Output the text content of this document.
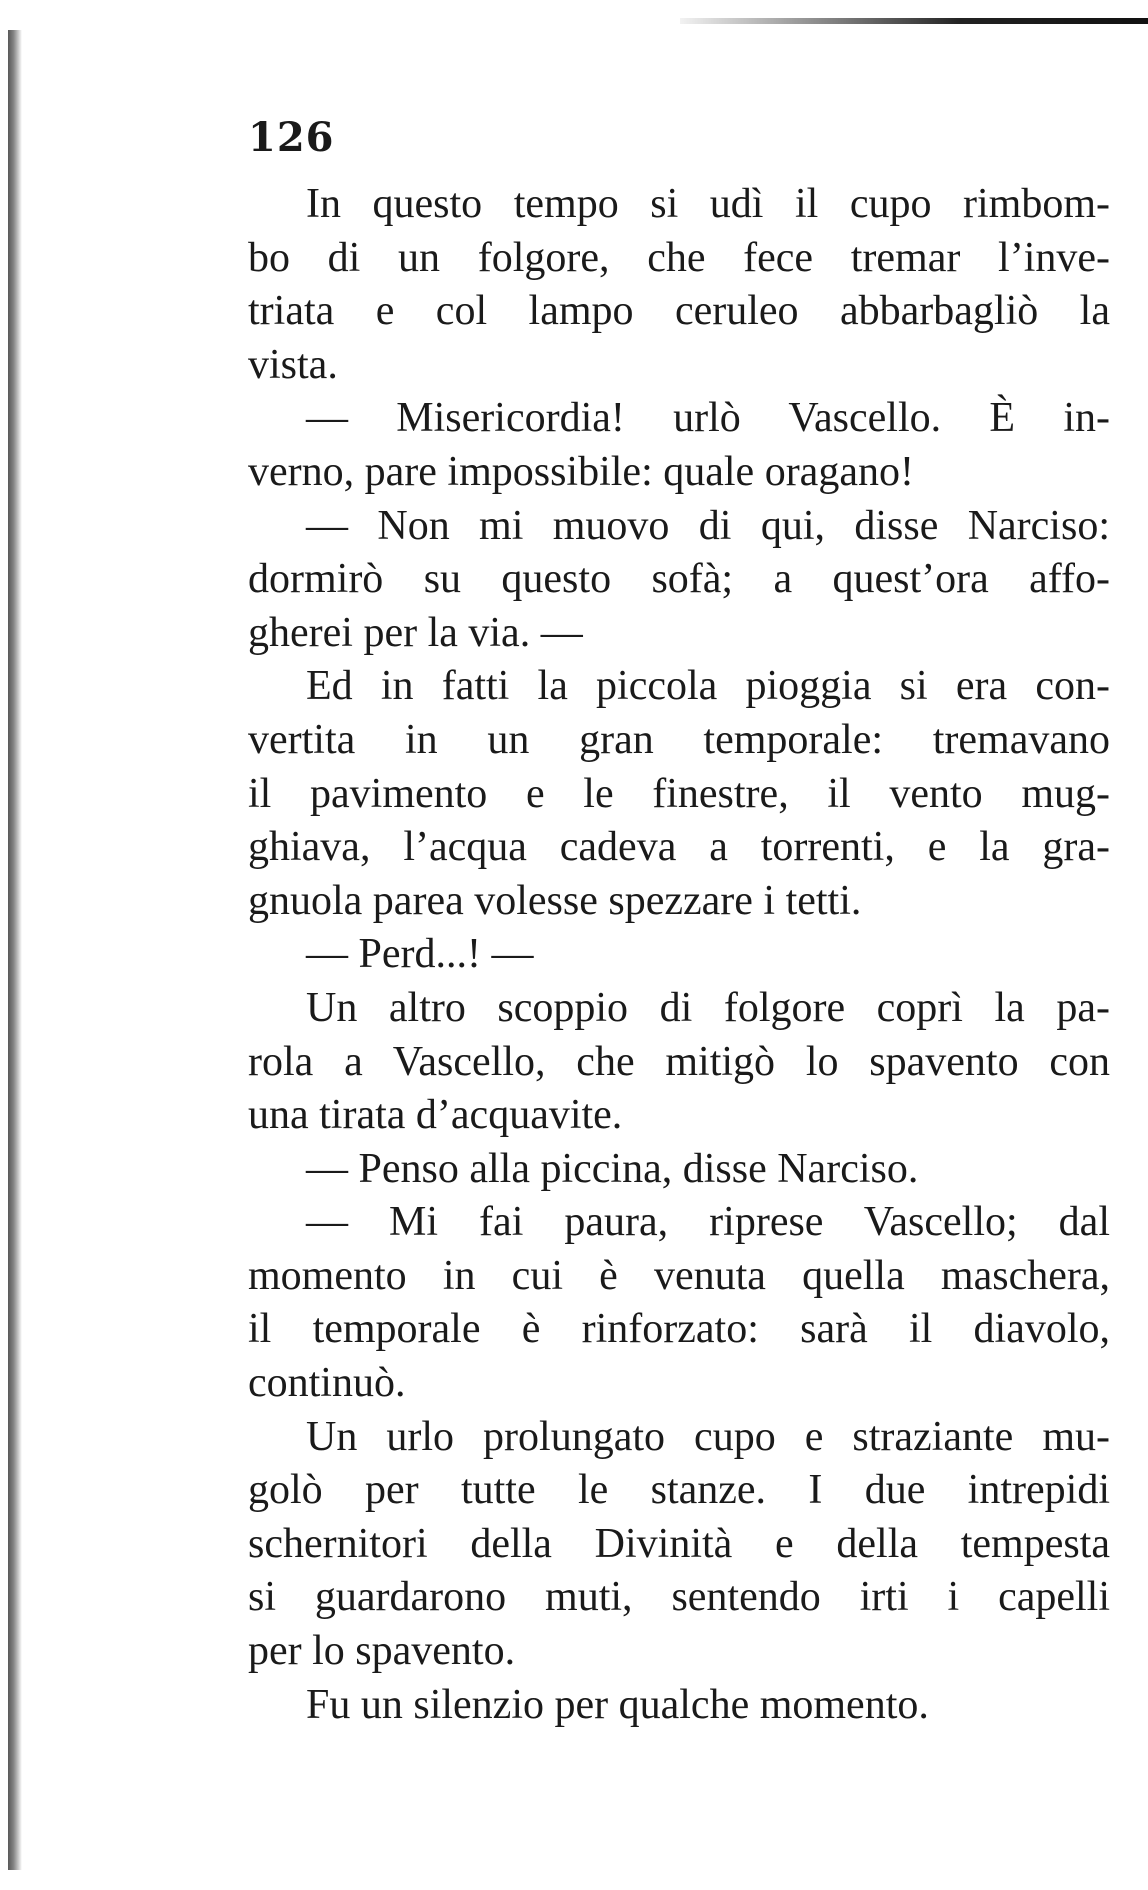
126
In questo tempo si udì il cupo rimbom-
bo di un folgore, che fece tremar l’inve-
triata e col lampo ceruleo abbarbagliò la
vista.
— Misericordia! urlò Vascello. È in-
verno, pare impossibile: quale oragano!
— Non mi muovo di qui, disse Narciso:
dormirò su questo sofà; a quest’ora affo-
gherei per la via. —
Ed in fatti la piccola pioggia si era con-
vertita in un gran temporale: tremavano
il pavimento e le finestre, il vento mug-
ghiava, l’acqua cadeva a torrenti, e la gra-
gnuola parea volesse spezzare i tetti.
— Perd...! —
Un altro scoppio di folgore coprì la pa-
rola a Vascello, che mitigò lo spavento con
una tirata d’acquavite.
— Penso alla piccina, disse Narciso.
— Mi fai paura, riprese Vascello; dal
momento in cui è venuta quella maschera,
il temporale è rinforzato: sarà il diavolo,
continuò.
Un urlo prolungato cupo e straziante mu-
golò per tutte le stanze. I due intrepidi
schernitori della Divinità e della tempesta
si guardarono muti, sentendo irti i capelli
per lo spavento.
Fu un silenzio per qualche momento.
